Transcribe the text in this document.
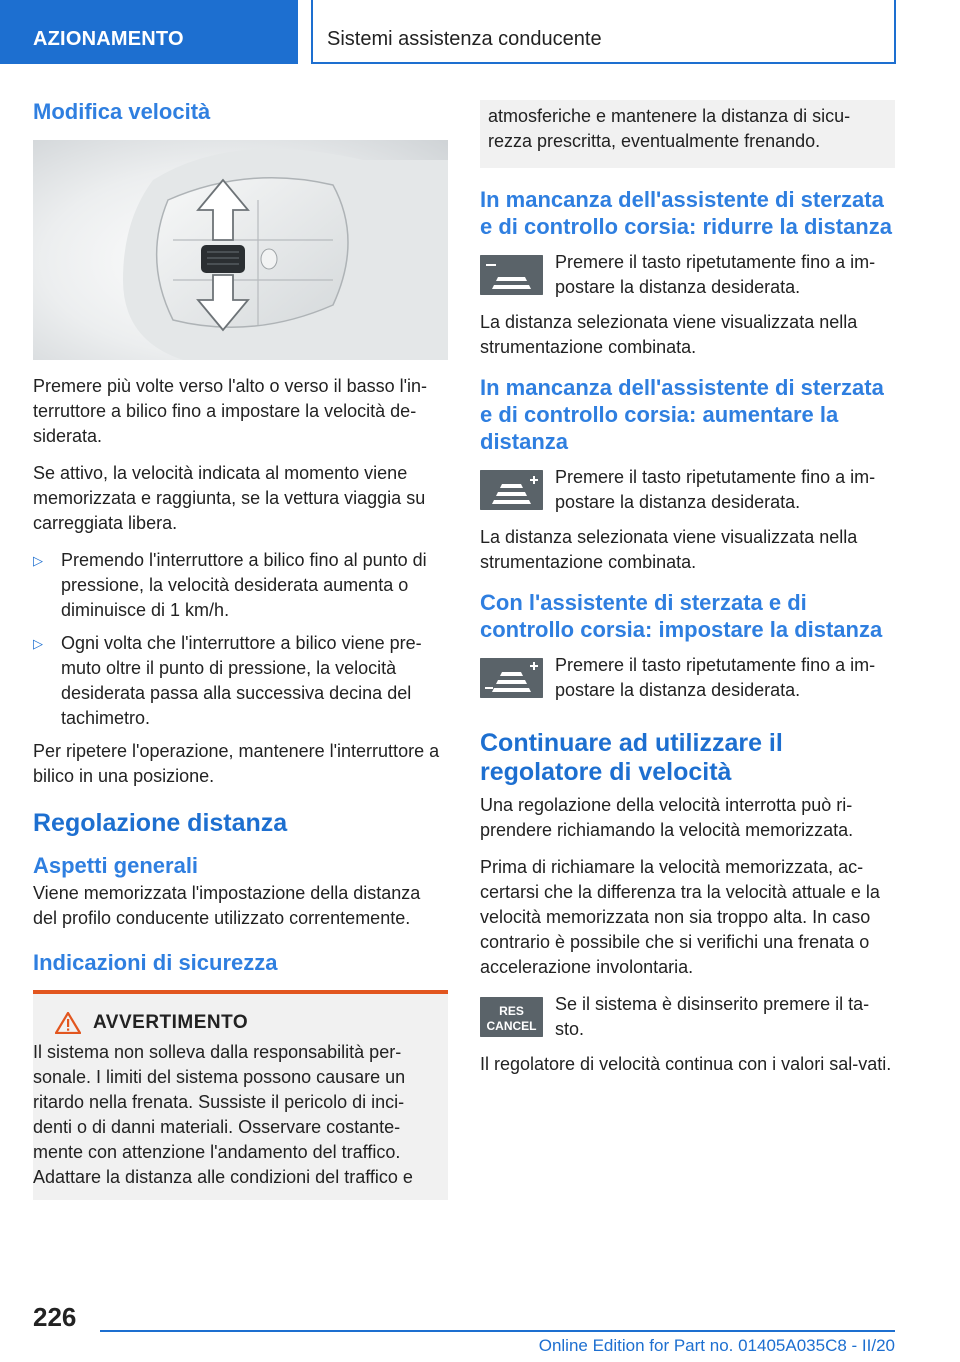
AZIONAMENTO	Sistemi assistenza conducente
Modifica velocità

Premere più volte verso l'alto o verso il basso l'in-terruttore a bilico fino a impostare la velocità de-siderata.

Se attivo, la velocità indicata al momento viene memorizzata e raggiunta, se la vettura viaggia su carreggiata libera.

▷ Premendo l'interruttore a bilico fino al punto di pressione, la velocità desiderata aumenta o diminuisce di 1 km/h.
▷ Ogni volta che l'interruttore a bilico viene pre-muto oltre il punto di pressione, la velocità desiderata passa alla successiva decina del tachimetro.

Per ripetere l'operazione, mantenere l'interruttore a bilico in una posizione.

Regolazione distanza
Aspetti generali

Viene memorizzata l'impostazione della distanza del profilo conducente utilizzato correntemente.

Indicazioni di sicurezza
AVVERTIMENTO

Il sistema non solleva dalla responsabilità per-

sonale. I limiti del sistema possono causare un

ritardo nella frenata. Sussiste il pericolo di inci-

denti o di danni materiali. Osservare costante-

mente con attenzione l'andamento del traffico.

Adattare la distanza alle condizioni del traffico e

atmosferiche e mantenere la distanza di sicu-rezza prescritta, eventualmente frenando.

In mancanza dell'assistente di sterzata e di controllo corsia: ridurre la distanza

Premere il tasto ripetutamente fino a im-postare la distanza desiderata.

La distanza selezionata viene visualizzata nella strumentazione combinata.

In mancanza dell'assistente di sterzata e di controllo corsia: aumentare la distanza

Premere il tasto ripetutamente fino a im-postare la distanza desiderata.

La distanza selezionata viene visualizzata nella strumentazione combinata.

Con l'assistente di sterzata e di controllo corsia: impostare la distanza

Premere il tasto ripetutamente fino a im-postare la distanza desiderata.

Continuare ad utilizzare il regolatore di velocità

Una regolazione della velocità interrotta può ri-prendere richiamando la velocità memorizzata.

Prima di richiamare la velocità memorizzata, ac-certarsi che la differenza tra la velocità attuale e la velocità memorizzata non sia troppo alta. In caso contrario è possibile che si verifichi una frenata o accelerazione involontaria.

RES
CANCEL

Se il sistema è disinserito premere il ta-sto.

Il regolatore di velocità continua con i valori sal-vati.

226
Online Edition for Part no. 01405A035C8 - II/20
